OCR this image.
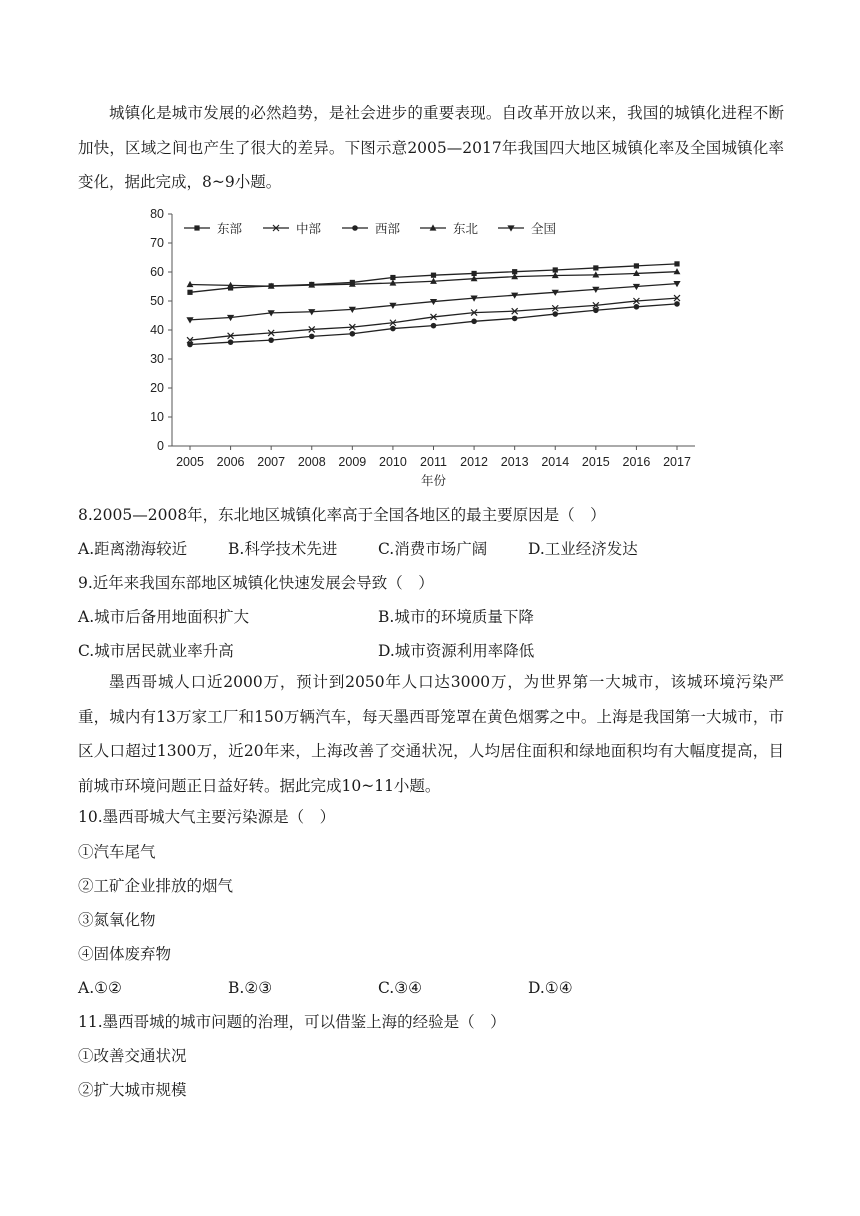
城镇化是城市发展的必然趋势，是社会进步的重要表现。自改革开放以来，我国的城镇化进程不断加快，区域之间也产生了很大的差异。下图示意2005—2017年我国四大地区城镇化率及全国城镇化率变化，据此完成，8~9小题。
0
10
20
30
40
50
60
70
80
2005 2006 2007 2008 2009 2010 2011 2012 2013 2014 2015 2016 2017
年份
东部	中部	西部	东北	全国
8.2005—2008年，东北地区城镇化率高于全国各地区的最主要原因是（　）
A.距离渤海较近	B.科学技术先进	C.消费市场广阔	D.工业经济发达
9.近年来我国东部地区城镇化快速发展会导致（　）
A.城市后备用地面积扩大	B.城市的环境质量下降
C.城市居民就业率升高	D.城市资源利用率降低
墨西哥城人口近2000万，预计到2050年人口达3000万，为世界第一大城市，该城环境污染严重，城内有13万家工厂和150万辆汽车，每天墨西哥笼罩在黄色烟雾之中。上海是我国第一大城市，市区人口超过1300万，近20年来，上海改善了交通状况，人均居住面积和绿地面积均有大幅度提高，目前城市环境问题正日益好转。据此完成10~11小题。
10.墨西哥城大气主要污染源是（　）
①汽车尾气
②工矿企业排放的烟气
③氮氧化物
④固体废弃物
A.①②	B.②③	C.③④	D.①④
11.墨西哥城的城市问题的治理，可以借鉴上海的经验是（　）
①改善交通状况
②扩大城市规模
